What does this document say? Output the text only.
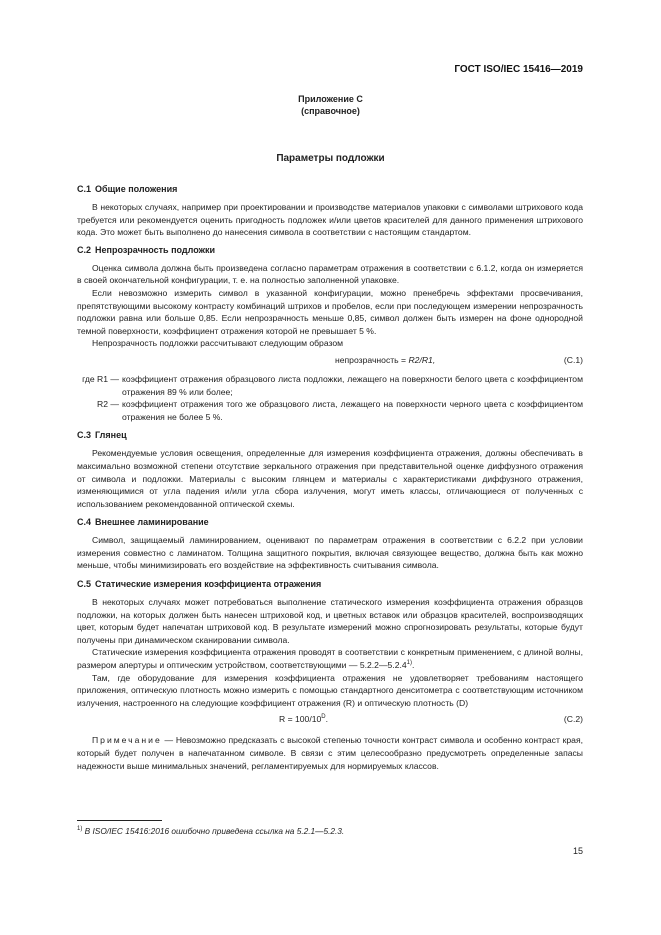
ГОСТ ISO/IEC 15416—2019
Приложение С
(справочное)
Параметры подложки
С.1 Общие положения

В некоторых случаях, например при проектировании и производстве материалов упаковки с символами штрихового кода требуется или рекомендуется оценить пригодность подложек и/или цветов красителей для данного применения штрихового кода. Это может быть выполнено до нанесения символа в соответствии с настоящим стандартом.

С.2 Непрозрачность подложки

Оценка символа должна быть произведена согласно параметрам отражения в соответствии с 6.1.2, когда он измеряется в своей окончательной конфигурации, т. е. на полностью заполненной упаковке.

Если невозможно измерить символ в указанной конфигурации, можно пренебречь эффектами просвечивания, препятствующими высокому контрасту комбинаций штрихов и пробелов, если при последующем измерении непрозрачность подложки равна или больше 0,85. Если непрозрачность меньше 0,85, символ должен быть измерен на фоне однородной темной поверхности, коэффициент отражения которой не превышает 5 %.

Непрозрачность подложки рассчитывают следующим образом

непрозрачность = R2/R1,	(C.1)
где R1 — коэффициент отражения образцового листа подложки, лежащего на поверхности белого цвета с коэффициентом отражения 89 % или более;

R2 — коэффициент отражения того же образцового листа, лежащего на поверхности черного цвета с коэффициентом отражения не более 5 %.

С.3 Глянец

Рекомендуемые условия освещения, определенные для измерения коэффициента отражения, должны обеспечивать в максимально возможной степени отсутствие зеркального отражения при представительной оценке диффузного отражения от символа и подложки. Материалы с высоким глянцем и материалы с характеристиками диффузного отражения, изменяющимися от угла падения и/или угла сбора излучения, могут иметь классы, отличающиеся от полученных с использованием рекомендованной оптической схемы.

С.4 Внешнее ламинирование

Символ, защищаемый ламинированием, оценивают по параметрам отражения в соответствии с 6.2.2 при условии измерения совместно с ламинатом. Толщина защитного покрытия, включая связующее вещество, должна быть как можно меньше, чтобы минимизировать его воздействие на эффективность считывания символа.

С.5 Статические измерения коэффициента отражения

В некоторых случаях может потребоваться выполнение статического измерения коэффициента отражения образцов подложки, на которых должен быть нанесен штриховой код, и цветных вставок или образцов красителей, воспроизводящих цвет, которым будет напечатан штриховой код. В результате измерений можно спрогнозировать результаты, которые будут получены при динамическом сканировании символа.

Статические измерения коэффициента отражения проводят в соответствии с конкретным применением, с длиной волны, размером апертуры и оптическим устройством, соответствующими — 5.2.2—5.2.4$^{1)}$.

Там, где оборудование для измерения коэффициента отражения не удовлетворяет требованиям настоящего приложения, оптическую плотность можно измерить с помощью стандартного денситометра с соответствующим источником излучения, настроенного на следующие коэффициент отражения (R) и оптическую плотность (D)

$R = 100/10^D$.	(C.2)

Примечание — Невозможно предсказать с высокой степенью точности контраст символа и особенно контраст края, который будет получен в напечатанном символе. В связи с этим целесообразно предусмотреть определенные запасы надежности выше минимальных значений, регламентируемых для нормируемых классов.

$^{1)}$ В ISO/IEC 15416:2016 ошибочно приведена ссылка на 5.2.1—5.2.3.
15
